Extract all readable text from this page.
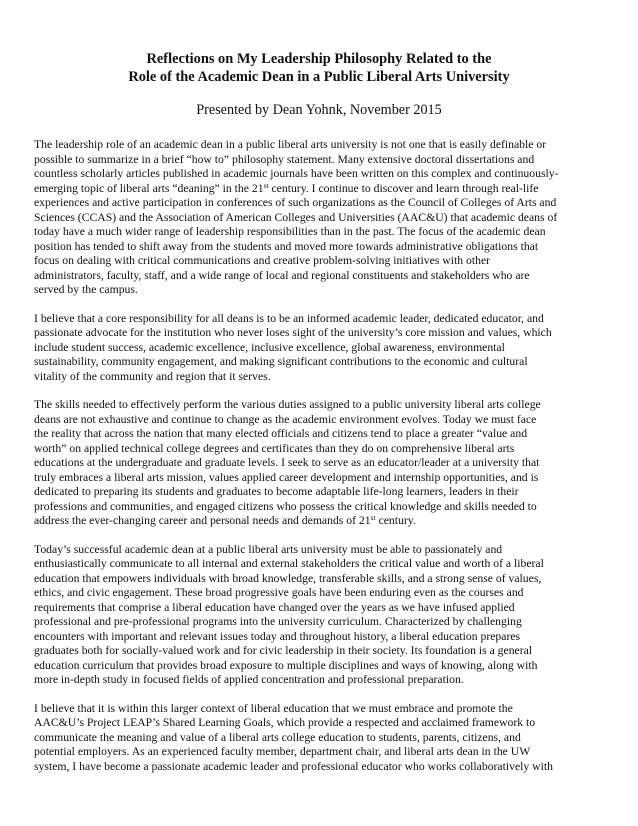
Reflections on My Leadership Philosophy Related to the
Role of the Academic Dean in a Public Liberal Arts University

Presented by Dean Yohnk, November 2015

The leadership role of an academic dean in a public liberal arts university is not one that is easily definable or
possible to summarize in a brief “how to” philosophy statement. Many extensive doctoral dissertations and
countless scholarly articles published in academic journals have been written on this complex and continuously-
emerging topic of liberal arts “deaning” in the 21st century. I continue to discover and learn through real-life
experiences and active participation in conferences of such organizations as the Council of Colleges of Arts and
Sciences (CCAS) and the Association of American Colleges and Universities (AAC&U) that academic deans of
today have a much wider range of leadership responsibilities than in the past. The focus of the academic dean
position has tended to shift away from the students and moved more towards administrative obligations that
focus on dealing with critical communications and creative problem-solving initiatives with other
administrators, faculty, staff, and a wide range of local and regional constituents and stakeholders who are
served by the campus.

I believe that a core responsibility for all deans is to be an informed academic leader, dedicated educator, and
passionate advocate for the institution who never loses sight of the university’s core mission and values, which
include student success, academic excellence, inclusive excellence, global awareness, environmental
sustainability, community engagement, and making significant contributions to the economic and cultural
vitality of the community and region that it serves.

The skills needed to effectively perform the various duties assigned to a public university liberal arts college
deans are not exhaustive and continue to change as the academic environment evolves. Today we must face
the reality that across the nation that many elected officials and citizens tend to place a greater “value and
worth” on applied technical college degrees and certificates than they do on comprehensive liberal arts
educations at the undergraduate and graduate levels. I seek to serve as an educator/leader at a university that
truly embraces a liberal arts mission, values applied career development and internship opportunities, and is
dedicated to preparing its students and graduates to become adaptable life-long learners, leaders in their
professions and communities, and engaged citizens who possess the critical knowledge and skills needed to
address the ever-changing career and personal needs and demands of 21st century.

Today’s successful academic dean at a public liberal arts university must be able to passionately and
enthusiastically communicate to all internal and external stakeholders the critical value and worth of a liberal
education that empowers individuals with broad knowledge, transferable skills, and a strong sense of values,
ethics, and civic engagement. These broad progressive goals have been enduring even as the courses and
requirements that comprise a liberal education have changed over the years as we have infused applied
professional and pre-professional programs into the university curriculum. Characterized by challenging
encounters with important and relevant issues today and throughout history, a liberal education prepares
graduates both for socially-valued work and for civic leadership in their society. Its foundation is a general
education curriculum that provides broad exposure to multiple disciplines and ways of knowing, along with
more in-depth study in focused fields of applied concentration and professional preparation.

I believe that it is within this larger context of liberal education that we must embrace and promote the
AAC&U’s Project LEAP’s Shared Learning Goals, which provide a respected and acclaimed framework to
communicate the meaning and value of a liberal arts college education to students, parents, citizens, and
potential employers. As an experienced faculty member, department chair, and liberal arts dean in the UW
system, I have become a passionate academic leader and professional educator who works collaboratively with
